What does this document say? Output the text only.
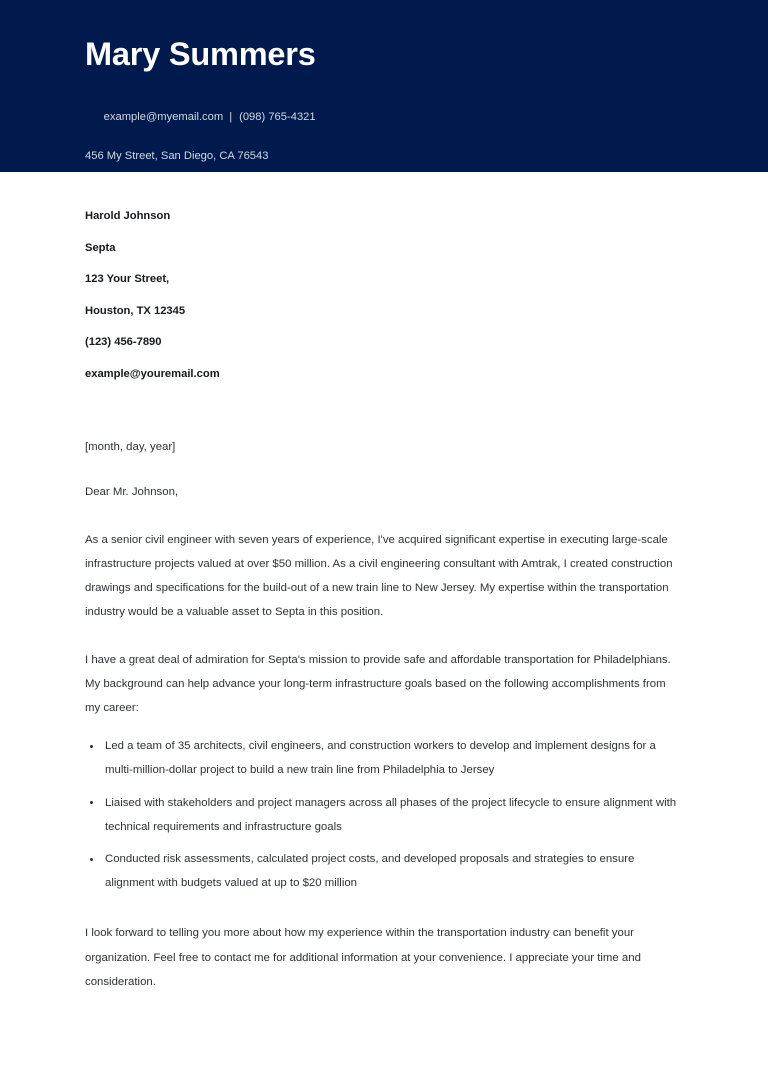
Mary Summers

example@myemail.com | (098) 765-4321

456 My Street, San Diego, CA 76543
Harold Johnson
Septa
123 Your Street,
Houston, TX 12345
(123) 456-7890
example@youremail.com
[month, day, year]
Dear Mr. Johnson,

As a senior civil engineer with seven years of experience, I've acquired significant expertise in executing large-scale infrastructure projects valued at over $50 million. As a civil engineering consultant with Amtrak, I created construction drawings and specifications for the build-out of a new train line to New Jersey. My expertise within the transportation industry would be a valuable asset to Septa in this position.

I have a great deal of admiration for Septa's mission to provide safe and affordable transportation for Philadelphians. My background can help advance your long-term infrastructure goals based on the following accomplishments from my career:

Led a team of 35 architects, civil engineers, and construction workers to develop and implement designs for a multi-million-dollar project to build a new train line from Philadelphia to Jersey
Liaised with stakeholders and project managers across all phases of the project lifecycle to ensure alignment with technical requirements and infrastructure goals
Conducted risk assessments, calculated project costs, and developed proposals and strategies to ensure alignment with budgets valued at up to $20 million

I look forward to telling you more about how my experience within the transportation industry can benefit your organization. Feel free to contact me for additional information at your convenience. I appreciate your time and consideration.
